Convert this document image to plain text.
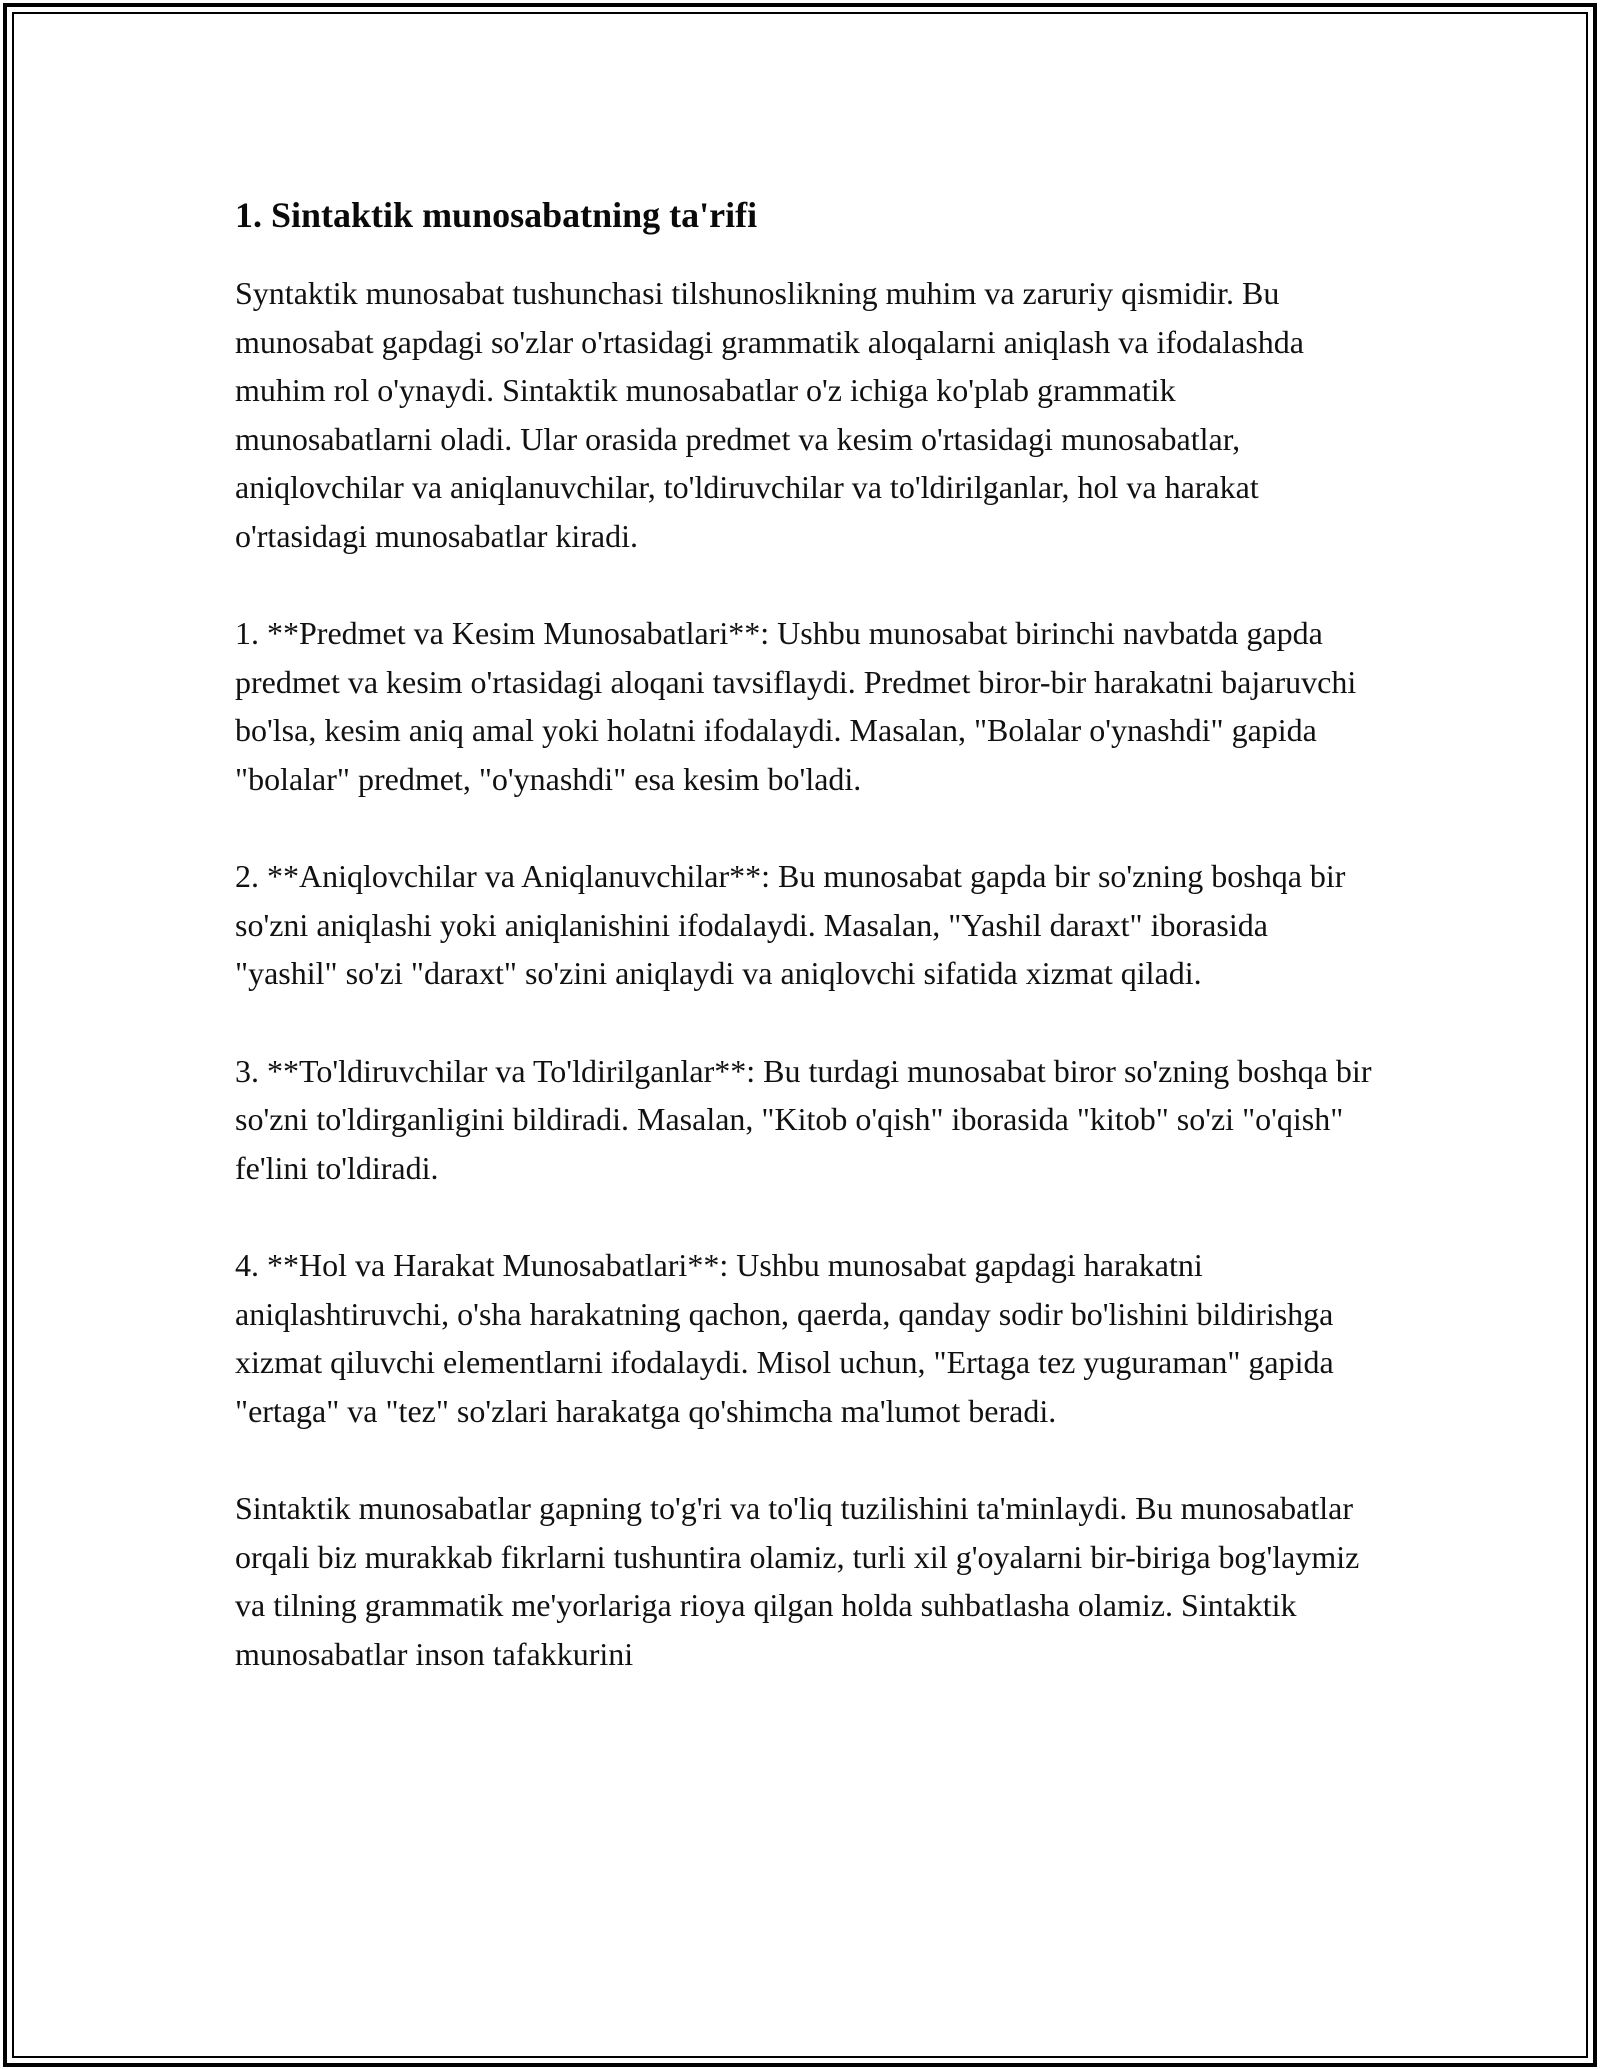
1. Sintaktik munosabatning ta'rifi

Syntaktik munosabat tushunchasi tilshunoslikning muhim va zaruriy qismidir. Bu munosabat gapdagi so'zlar o'rtasidagi grammatik aloqalarni aniqlash va ifodalashda muhim rol o'ynaydi. Sintaktik munosabatlar o'z ichiga ko'plab grammatik munosabatlarni oladi. Ular orasida predmet va kesim o'rtasidagi munosabatlar, aniqlovchilar va aniqlanuvchilar, to'ldiruvchilar va to'ldirilganlar, hol va harakat o'rtasidagi munosabatlar kiradi.

1. **Predmet va Kesim Munosabatlari**: Ushbu munosabat birinchi navbatda gapda predmet va kesim o'rtasidagi aloqani tavsiflaydi. Predmet biror-bir harakatni bajaruvchi bo'lsa, kesim aniq amal yoki holatni ifodalaydi. Masalan, "Bolalar o'ynashdi" gapida "bolalar" predmet, "o'ynashdi" esa kesim bo'ladi.

2. **Aniqlovchilar va Aniqlanuvchilar**: Bu munosabat gapda bir so'zning boshqa bir so'zni aniqlashi yoki aniqlanishini ifodalaydi. Masalan, "Yashil daraxt" iborasida "yashil" so'zi "daraxt" so'zini aniqlaydi va aniqlovchi sifatida xizmat qiladi.

3. **To'ldiruvchilar va To'ldirilganlar**: Bu turdagi munosabat biror so'zning boshqa bir so'zni to'ldirganligini bildiradi. Masalan, "Kitob o'qish" iborasida "kitob" so'zi "o'qish" fe'lini to'ldiradi.

4. **Hol va Harakat Munosabatlari**: Ushbu munosabat gapdagi harakatni aniqlashtiruvchi, o'sha harakatning qachon, qaerda, qanday sodir bo'lishini bildirishga xizmat qiluvchi elementlarni ifodalaydi. Misol uchun, "Ertaga tez yuguraman" gapida "ertaga" va "tez" so'zlari harakatga qo'shimcha ma'lumot beradi.

Sintaktik munosabatlar gapning to'g'ri va to'liq tuzilishini ta'minlaydi. Bu munosabatlar orqali biz murakkab fikrlarni tushuntira olamiz, turli xil g'oyalarni bir-biriga bog'laymiz va tilning grammatik me'yorlariga rioya qilgan holda suhbatlasha olamiz. Sintaktik munosabatlar inson tafakkurini
